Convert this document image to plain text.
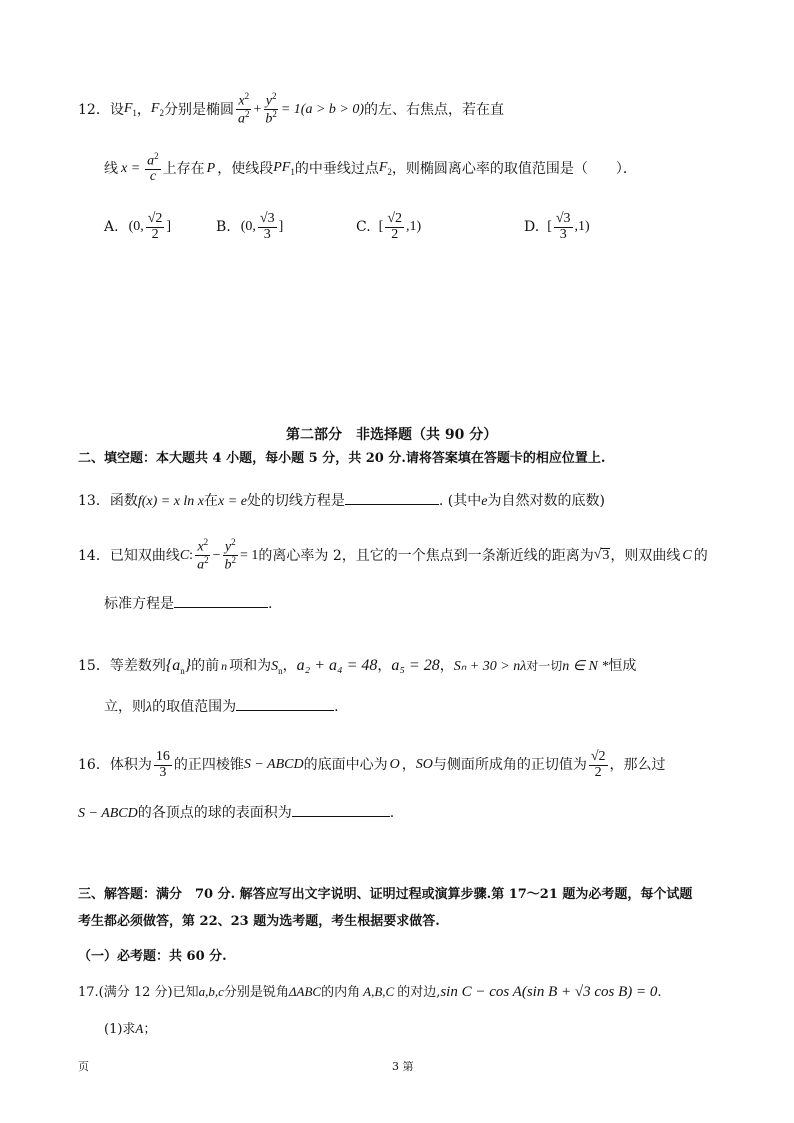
12．设 $F_1$ ， $F_2$ 分别是椭圆 $\frac{x^2}{a^2} + \frac{y^2}{b^2} = 1(a > b > 0)$ 的左、右焦点，若在直
线 $x = \frac{a^2}{c}$ 上存在 P ，使线段 $PF_1$ 的中垂线过点 $F_2$ ，则椭圆离心率的取值范围是（　　）．
A. (0, $\frac{√2}{2}$ ]	B. (0, $\frac{√3}{3}$ ]	C. [ $\frac{√2}{2} ,1$)	D. [ $\frac{√3}{3} ,1$)
第二部分　非选择题（共 90 分）
二、填空题：本大题共 4 小题，每小题 5 分，共 20 分.请将答案填在答题卡的相应位置上.
13．函数f(x) = x ln x在x = e处的切线方程是	. (其中e为自然对数的底数)
14．已知双曲线 C : $\frac{x^2}{a^2} - \frac{y^2}{b^2} = 1$ 的离心率为 2，且它的一个焦点到一条渐近线的距离为 √ 3 ，则双曲线 C 的
标准方程是	.
15．等差数列$\{a_n\}$的前 n 项和为$S_n$，a₂ + a₄ = 48，a₅ = 28，Sₙ + 30 > nλ对一切n ∈ N *恒成
立，则λ的取值范围为	.
16．体积为 $\frac{16}{3}$ 的正四棱锥 S − ABCD 的底面中心为 O ， SO 与侧面所成角的正切值为 $\frac{√2}{2}$ ，那么过
S − ABCD的各顶点的球的表面积为	.
三、解答题：满分　70 分. 解答应写出文字说明、证明过程或演算步骤.第 17～21 题为必考题，每个试题
考生都必须做答，第 22、23 题为选考题，考生根据要求做答.
（一）必考题：共 60 分.
17.(满分 12 分)已知a,b,c分别是锐角ΔABC的内角 A,B,C 的对边,sin C − cos A(sin B + √3 cos B) = 0.
(1)求A；
页	3 第
